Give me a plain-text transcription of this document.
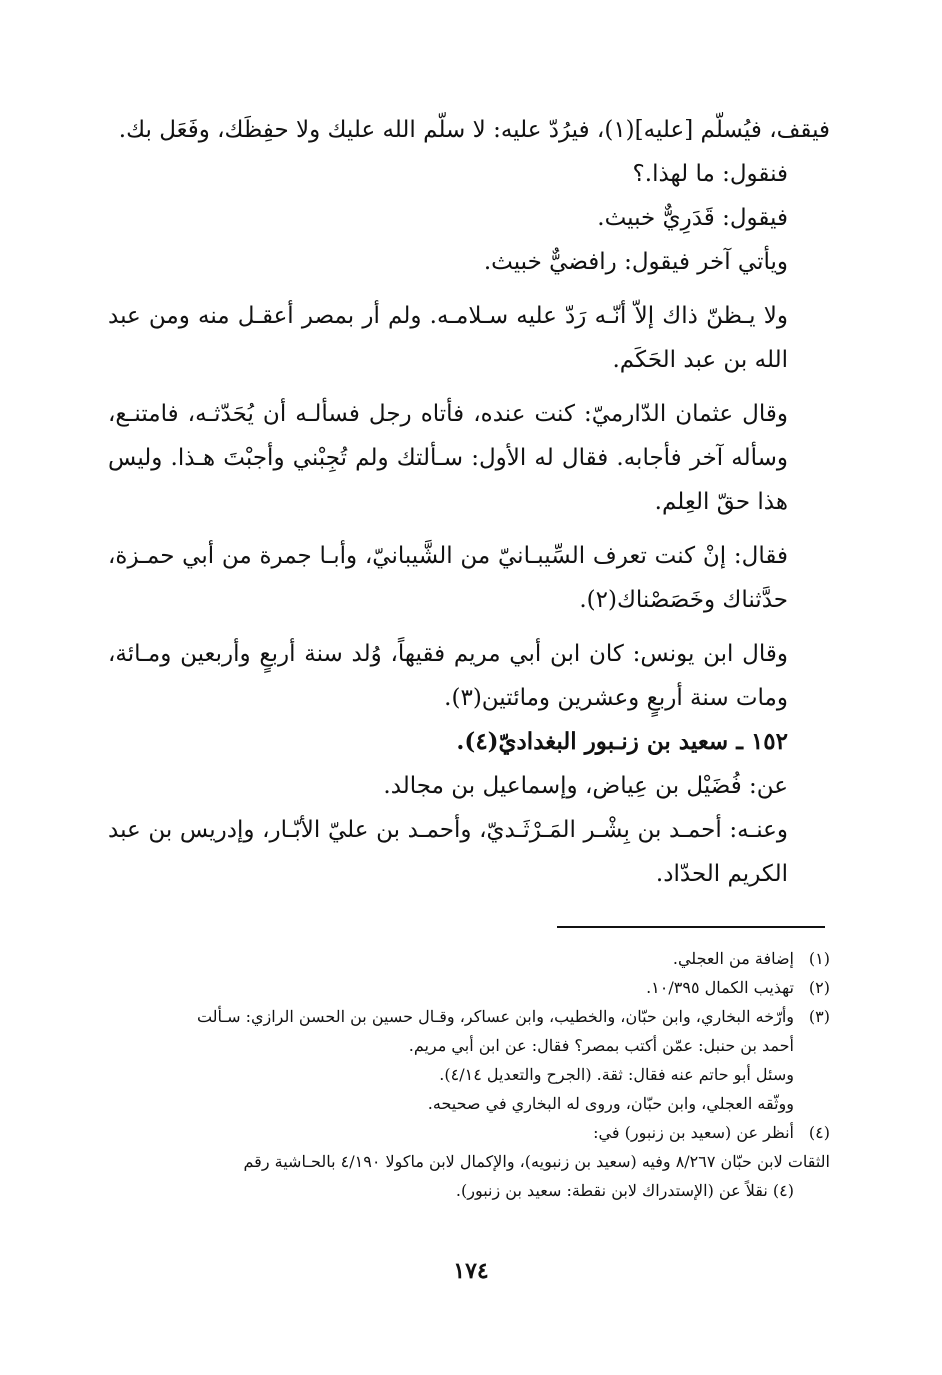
فيقف، فيُسلّم [عليه](١)، فيرُدّ عليه: لا سلّم الله عليك ولا حفِظَك، وفَعَل بك.

فنقول: ما لهذا.؟

فيقول: قَدَرِيٌّ خبيث.

ويأتي آخر فيقول: رافضيٌّ خبيث.

ولا يـظنّ ذاك إلاّ أنّـه رَدّ عليه سـلامـه. ولم أر بمصر أعقـل منه ومن عبد الله بن عبد الحَكَم.

وقال عثمان الدّارميّ: كنت عنده، فأتاه رجل فسألـه أن يُحَدّثـه، فامتنـع، وسأله آخر فأجابه. فقال له الأول: سـألتك ولم تُجِبْني وأجبْتَ هـذا. وليس هذا حقّ العِلم.

فقال: إنْ كنت تعرف السِّيبـانيّ من الشَّيبانيّ، وأبـا جمرة من أبي حمـزة، حدَّثناك وخَصَصْناك(٢).

وقال ابن يونس: كان ابن أبي مريم فقيهاً، وُلد سنة أربعٍ وأربعين ومـائة، ومات سنة أربعٍ وعشرين ومائتين(٣).

١٥٢ ـ سعيد بن زنـبور البغداديّ(٤).

عن: فُضَيْل بن عِياض، وإسماعيل بن مجالد.

وعنـه: أحمـد بن بِشْـر المَـرْثَـديّ، وأحمـد بن عليّ الأبّـار، وإدريس بن عبد الكريم الحدّاد.

(١)
إضافة من العجلي.
(٢)
تهذيب الكمال ١٠/٣٩٥.
(٣)
وأرّخه البخاري، وابن حبّان، والخطيب، وابن عساكر، وقـال حسين بن الحسن الرازي: سـألت
أحمد بن حنبل: عمّن أكتب بمصر؟ فقال: عن ابن أبي مريم.
وسئل أبو حاتم عنه فقال: ثقة. (الجرح والتعديل ٤/١٤).
ووثّقه العجلي، وابن حبّان، وروى له البخاري في صحيحه.
(٤)
أنظر عن (سعيد بن زنبور) في:
الثقات لابن حبّان ٨/٢٦٧ وفيه (سعيد بن زنبويه)، والإكمال لابن ماكولا ٤/١٩٠ بالحـاشية رقم
(٤) نقلاً عن (الإستدراك لابن نقطة: سعيد بن زنبور).
١٧٤
